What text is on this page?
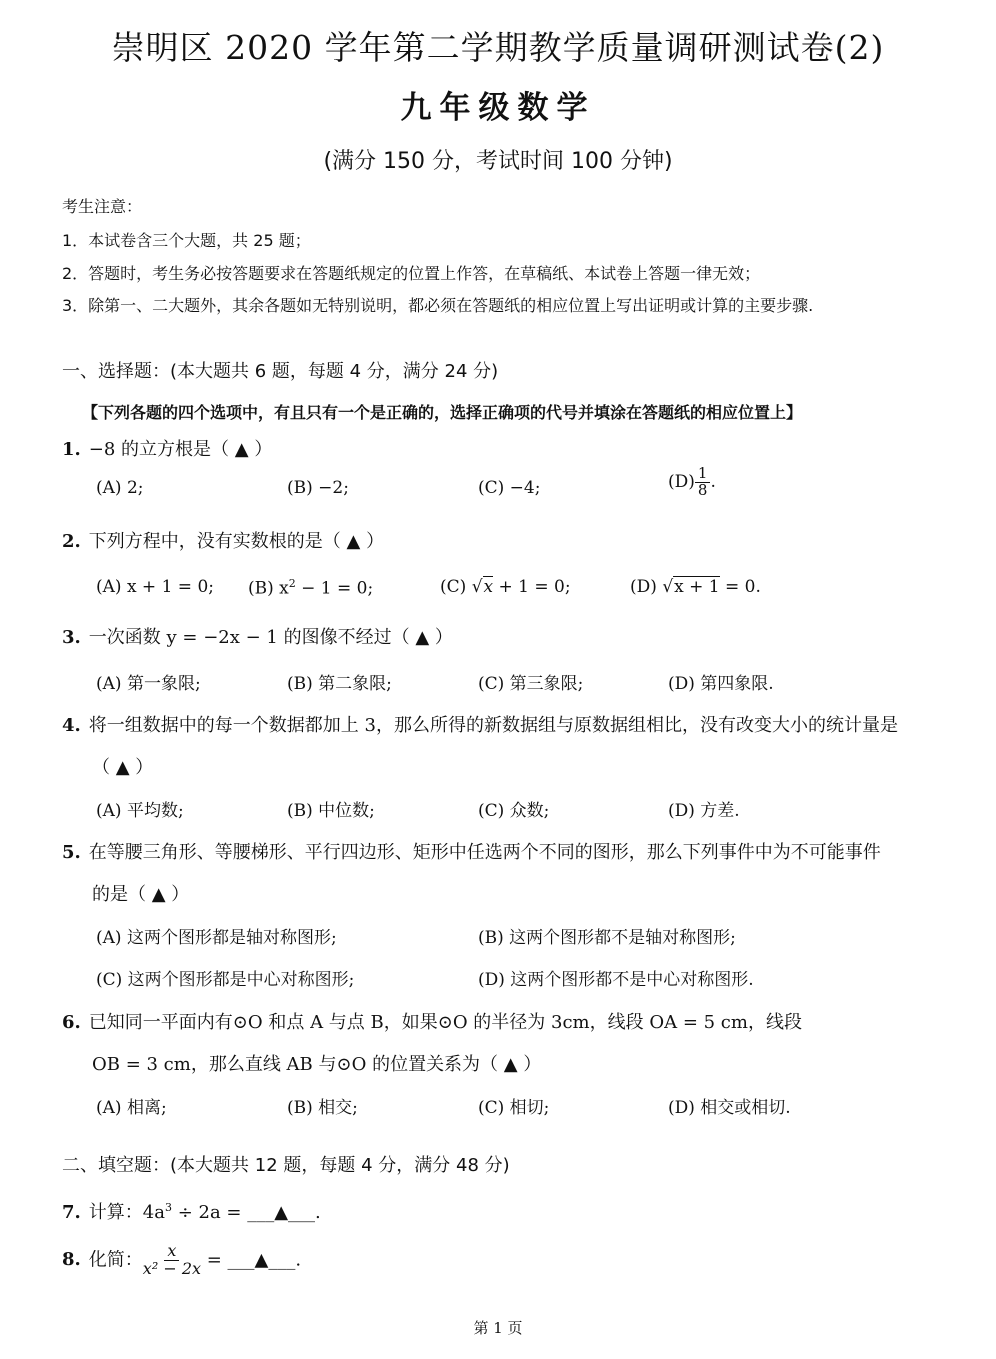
崇明区 2020 学年第二学期教学质量调研测试卷(2)
九年级数学
(满分 150 分，考试时间 100 分钟)
考生注意：
1．本试卷含三个大题，共 25 题；
2．答题时，考生务必按答题要求在答题纸规定的位置上作答，在草稿纸、本试卷上答题一律无效；
3．除第一、二大题外，其余各题如无特别说明，都必须在答题纸的相应位置上写出证明或计算的主要步骤.
一、选择题：(本大题共 6 题，每题 4 分，满分 24 分)
【下列各题的四个选项中，有且只有一个是正确的，选择正确项的代号并填涂在答题纸的相应位置上】
1. −8 的立方根是（ ▲ ）
(A) 2;	(B) −2;	(C) −4;	$(D) \frac{1}{8}$ .
2. 下列方程中，没有实数根的是（ ▲ ）
(A) x + 1 = 0; (B) $x^2 - 1 = 0$;	(C) √x + 1 = 0;	(D) √x + 1 = 0.
3. 一次函数 y = −2x − 1 的图像不经过（ ▲ ）
(A) 第一象限;	(B) 第二象限;	(C) 第三象限;	(D) 第四象限.
4. 将一组数据中的每一个数据都加上 3，那么所得的新数据组与原数据组相比，没有改变大小的统计量是
（ ▲ ）
(A) 平均数;	(B) 中位数;	(C) 众数;	(D) 方差.
5. 在等腰三角形、等腰梯形、平行四边形、矩形中任选两个不同的图形，那么下列事件中为不可能事件
的是（ ▲ ）
(A) 这两个图形都是轴对称图形;	(B) 这两个图形都不是轴对称图形;
(C) 这两个图形都是中心对称图形;	(D) 这两个图形都不是中心对称图形.
6. 已知同一平面内有⊙O 和点 A 与点 B，如果⊙O 的半径为 3cm，线段 OA = 5 cm，线段
OB = 3 cm，那么直线 AB 与⊙O 的位置关系为（ ▲ ）
(A) 相离;	(B) 相交;	(C) 相切;	(D) 相交或相切.
二、填空题：(本大题共 12 题，每题 4 分，满分 48 分)
7. 计算：$4a^3 \div 2a$ = ___▲___.
8. 化简： $\frac{x}{\text{x² − 2x}}$ = ___▲___.
第 1 页
